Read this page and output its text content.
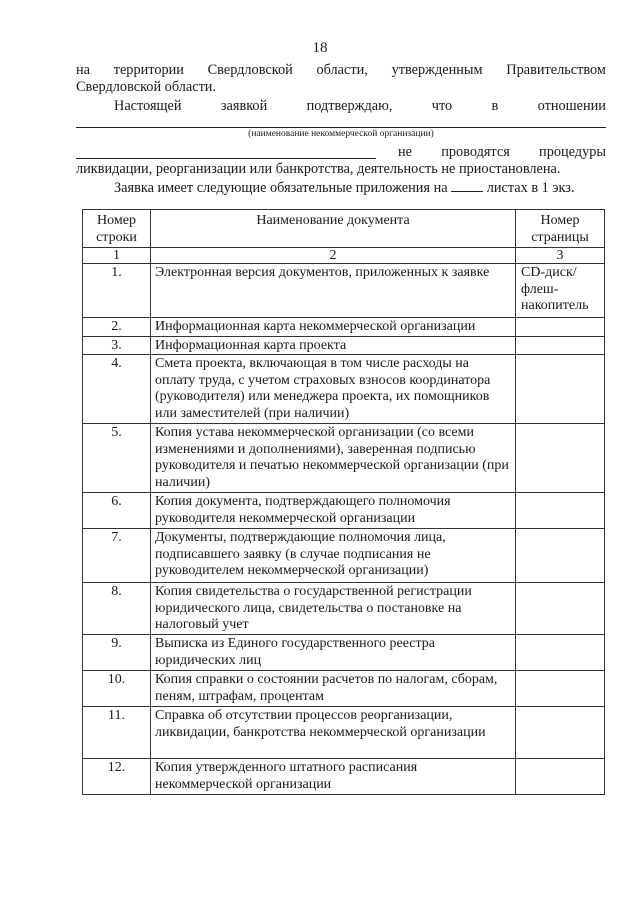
18
на территории Свердловской области, утвержденным Правительством
Свердловской области.
Настоящей	заявкой	подтверждаю,	что	в	отношении
(наименование некоммерческой организации)
не проводятся процедуры
ликвидации, реорганизации или банкротства, деятельность не приостановлена.
Заявка имеет следующие обязательные приложения на	листах в 1 экз.
Номер строки	Наименование документа	Номер страницы
1	2	3
1.	Электронная версия документов, приложенных к заявке	CD-диск/ флеш-накопитель
2.	Информационная карта некоммерческой организации	
3.	Информационная карта проекта	
4.	Смета проекта, включающая в том числе расходы на оплату труда, с учетом страховых взносов координатора (руководителя) или менеджера проекта, их помощников или заместителей (при наличии)	
5.	Копия устава некоммерческой организации (со всеми изменениями и дополнениями), заверенная подписью руководителя и печатью некоммерческой организации (при наличии)	
6.	Копия документа, подтверждающего полномочия руководителя некоммерческой организации	
7.	Документы, подтверждающие полномочия лица, подписавшего заявку (в случае подписания не руководителем некоммерческой организации)	
8.	Копия свидетельства о государственной регистрации юридического лица, свидетельства о постановке на налоговый учет	
9.	Выписка из Единого государственного реестра юридических лиц	
10.	Копия справки о состоянии расчетов по налогам, сборам, пеням, штрафам, процентам	
11.	Справка об отсутствии процессов реорганизации, ликвидации, банкротства некоммерческой организации	
12.	Копия утвержденного штатного расписания некоммерческой организации	
